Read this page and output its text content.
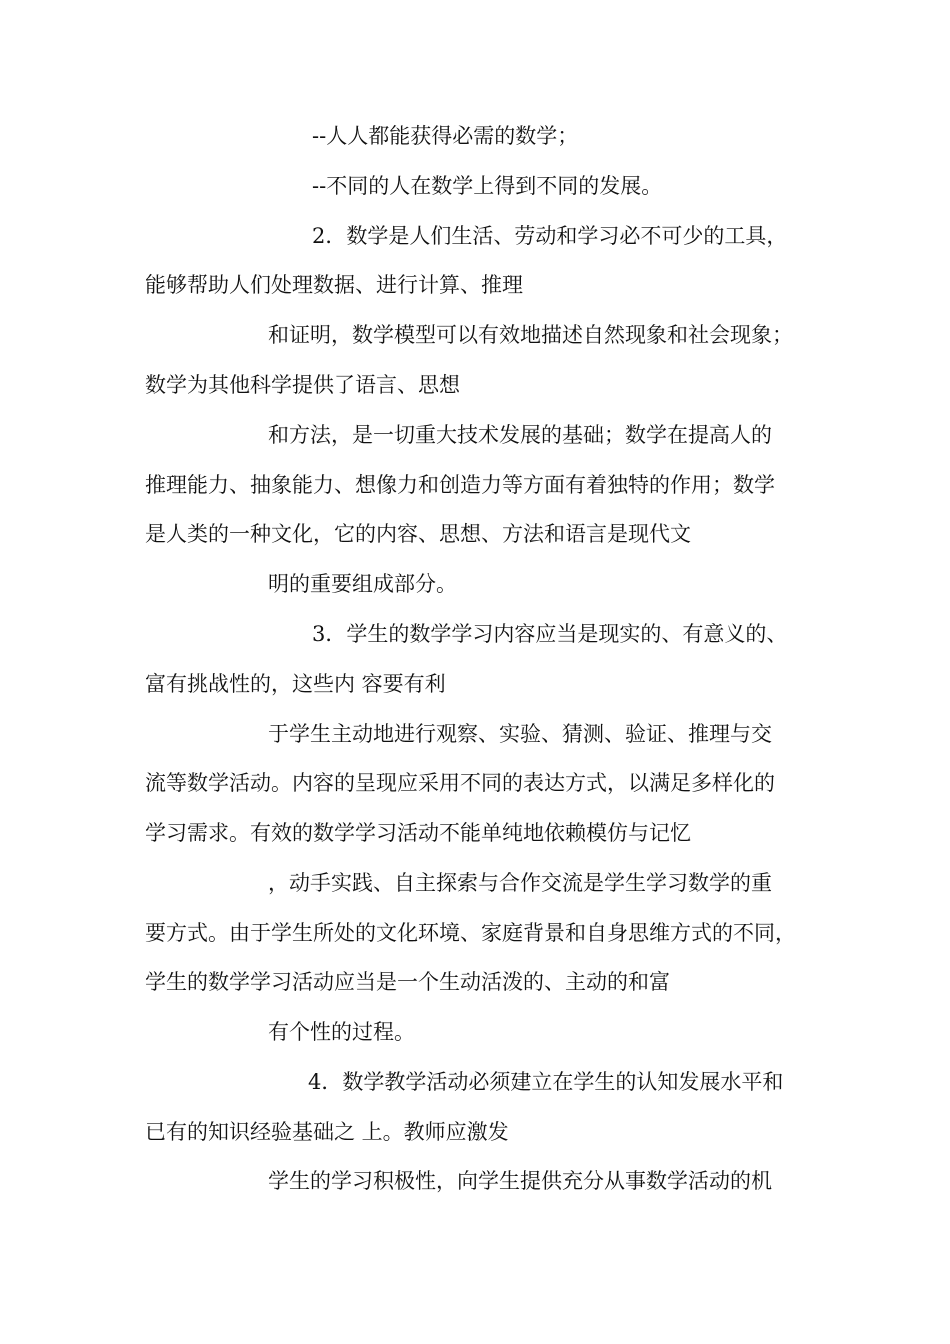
--人人都能获得必需的数学；
--不同的人在数学上得到不同的发展。
2．数学是人们生活、劳动和学习必不可少的工具，
能够帮助人们处理数据、进行计算、推理
和证明，数学模型可以有效地描述自然现象和社会现象；
数学为其他科学提供了语言、思想
和方法，是一切重大技术发展的基础；数学在提高人的
推理能力、抽象能力、想像力和创造力等方面有着独特的作用；数学
是人类的一种文化，它的内容、思想、方法和语言是现代文
明的重要组成部分。
3．学生的数学学习内容应当是现实的、有意义的、
富有挑战性的，这些内 容要有利
于学生主动地进行观察、实验、猜测、验证、推理与交
流等数学活动。内容的呈现应采用不同的表达方式，以满足多样化的
学习需求。有效的数学学习活动不能单纯地依赖模仿与记忆
，动手实践、自主探索与合作交流是学生学习数学的重
要方式。由于学生所处的文化环境、家庭背景和自身思维方式的不同，
学生的数学学习活动应当是一个生动活泼的、主动的和富
有个性的过程。
4．数学教学活动必须建立在学生的认知发展水平和
已有的知识经验基础之 上。教师应激发
学生的学习积极性，向学生提供充分从事数学活动的机
